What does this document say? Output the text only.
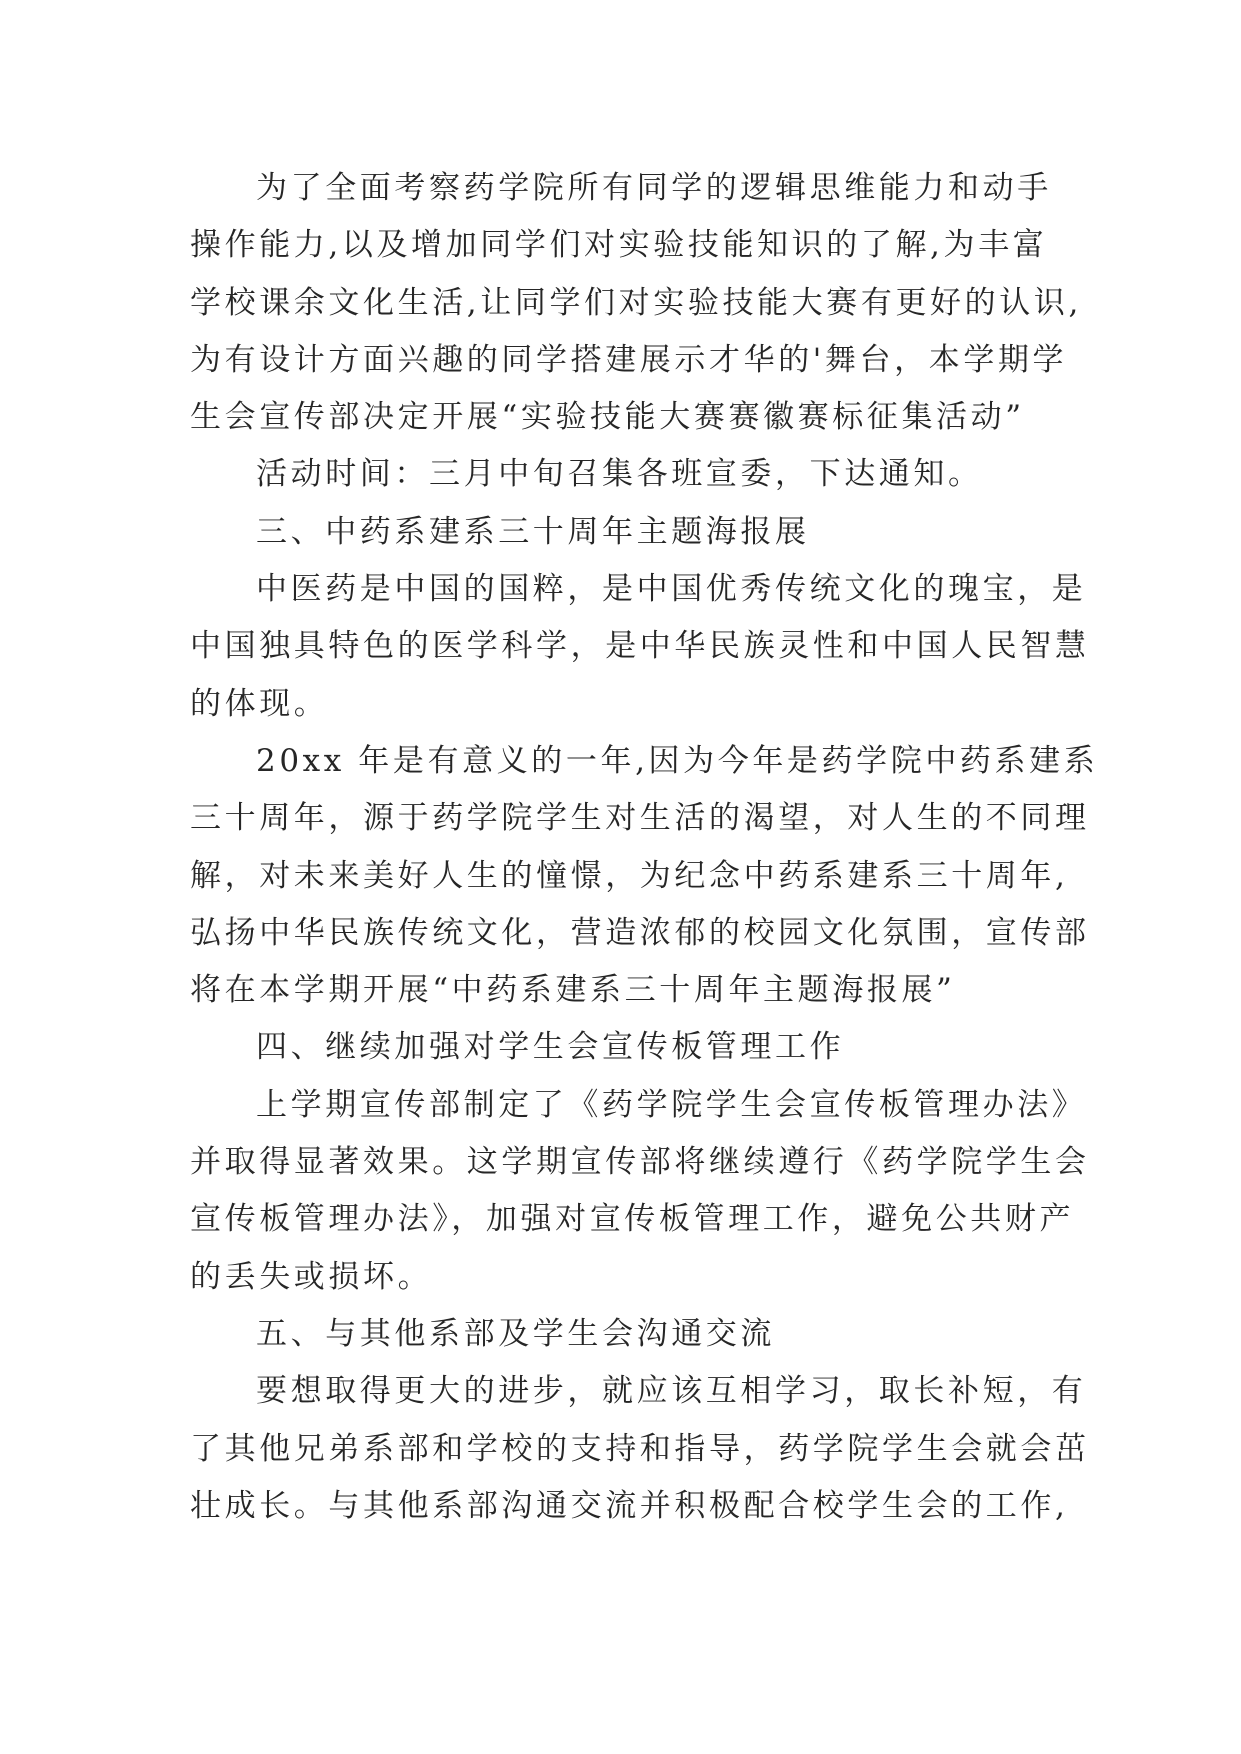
为了全面考察药学院所有同学的逻辑思维能力和动手
操作能力,以及增加同学们对实验技能知识的了解,为丰富
学校课余文化生活,让同学们对实验技能大赛有更好的认识,
为有设计方面兴趣的同学搭建展示才华的'舞台，本学期学
生会宣传部决定开展“实验技能大赛赛徽赛标征集活动”
活动时间：三月中旬召集各班宣委，下达通知。
三、中药系建系三十周年主题海报展
中医药是中国的国粹，是中国优秀传统文化的瑰宝，是
中国独具特色的医学科学，是中华民族灵性和中国人民智慧
的体现。
20xx 年是有意义的一年,因为今年是药学院中药系建系
三十周年，源于药学院学生对生活的渴望，对人生的不同理
解，对未来美好人生的憧憬，为纪念中药系建系三十周年,
弘扬中华民族传统文化，营造浓郁的校园文化氛围，宣传部
将在本学期开展“中药系建系三十周年主题海报展”
四、继续加强对学生会宣传板管理工作
上学期宣传部制定了《药学院学生会宣传板管理办法》
并取得显著效果。这学期宣传部将继续遵行《药学院学生会
宣传板管理办法》，加强对宣传板管理工作，避免公共财产
的丢失或损坏。
五、与其他系部及学生会沟通交流
要想取得更大的进步，就应该互相学习，取长补短，有
了其他兄弟系部和学校的支持和指导，药学院学生会就会茁
壮成长。与其他系部沟通交流并积极配合校学生会的工作,
